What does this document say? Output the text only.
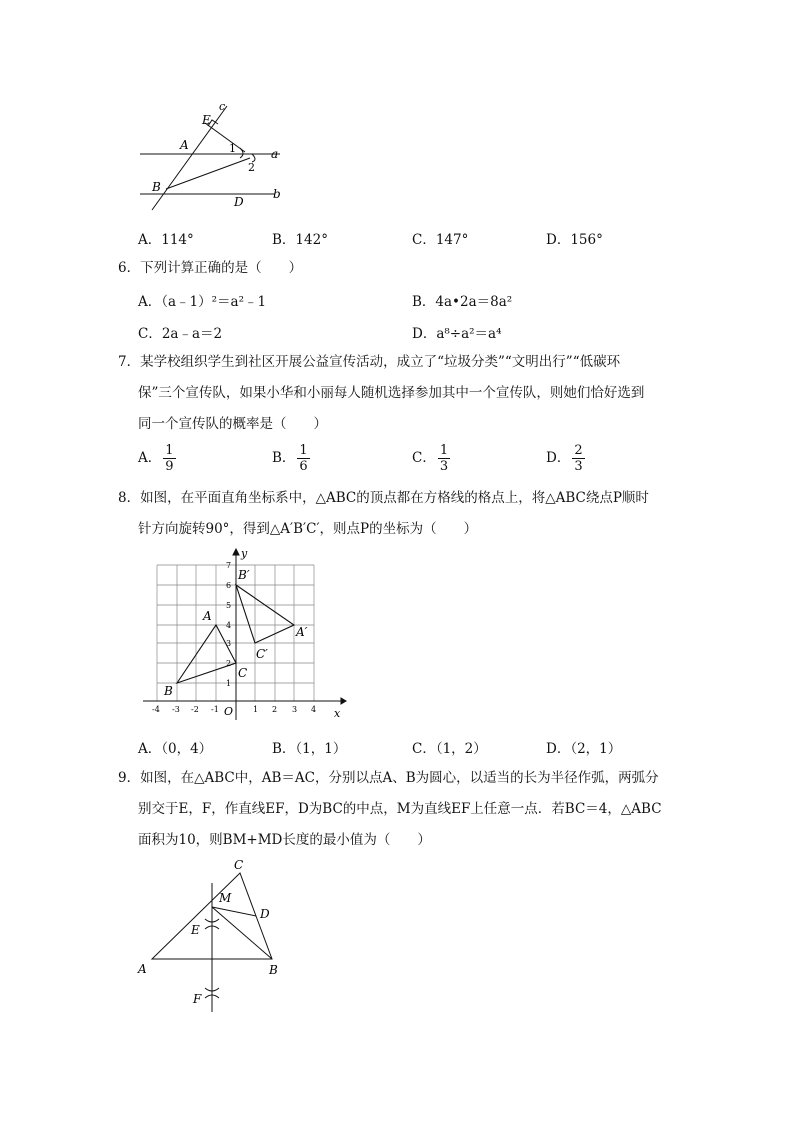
c
E
A	1	a
2
B
D
b
A．114°	B．142°	C．147°	D．156°
6．下列计算正确的是（　　）
A．（a﹣1）²＝a²﹣1	B．4a•2a＝8a²
C．2a﹣a＝2	D．a⁸÷a²＝a⁴
7．某学校组织学生到社区开展公益宣传活动，成立了“垃圾分类”“文明出行”“低碳环
保”三个宣传队，如果小华和小丽每人随机选择参加其中一个宣传队，则她们恰好选到
同一个宣传队的概率是（　　）
A． $\frac{1}{9}$	B． $\frac{1}{6}$	C． $\frac{1}{3}$	D． $\frac{2}{3}$
8．如图，在平面直角坐标系中，△ABC的顶点都在方格线的格点上，将△ABC绕点P顺时
针方向旋转90°，得到△A′B′C′，则点P的坐标为（　　）
-4 -3 -2 -1	1 2 3 4
1
2
3
4
5
6
7
O	x
y
A
B
C
A′
B′
C′
A．（0，4）	B．（1，1）	C．（1，2）	D．（2，1）
9．如图，在△ABC中，AB＝AC，分别以点A、B为圆心，以适当的长为半径作弧，两弧分
别交于E，F，作直线EF，D为BC的中点，M为直线EF上任意一点．若BC＝4，△ABC
面积为10，则BM+MD长度的最小值为（　　）
C
M
D
E
A	B
F
